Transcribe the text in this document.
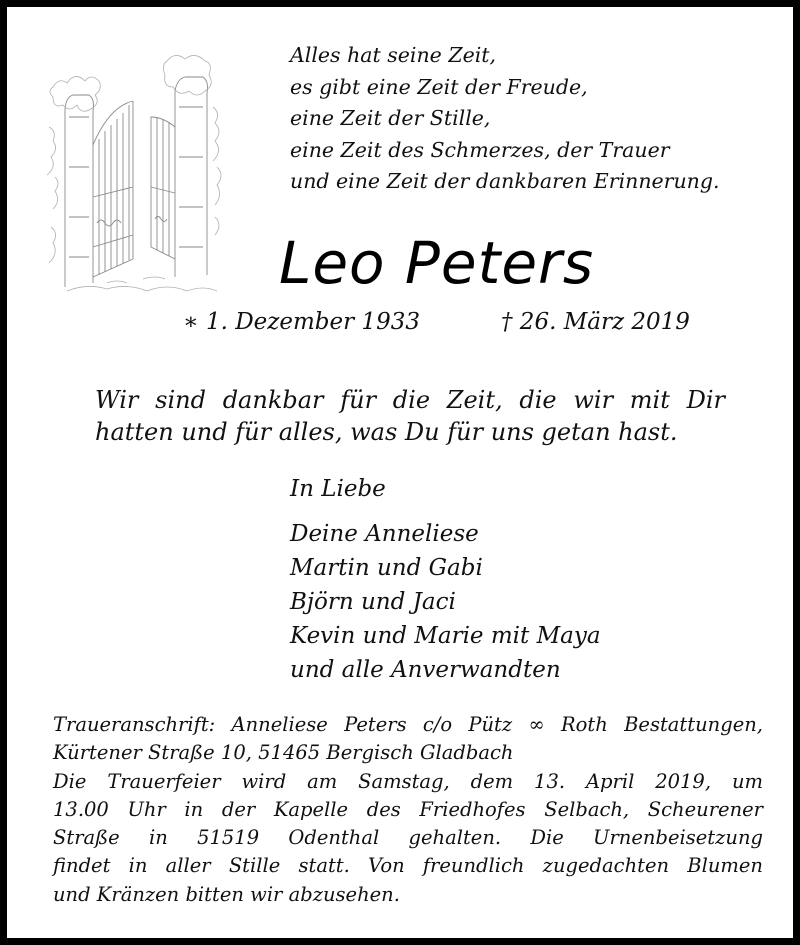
Alles hat seine Zeit,
es gibt eine Zeit der Freude,
eine Zeit der Stille,
eine Zeit des Schmerzes, der Trauer
und eine Zeit der dankbaren Erinnerung.
Leo Peters
∗ 1. Dezember 1933	† 26. März 2019
Wir sind dankbar für die Zeit, die wir mit Dir
hatten und für alles, was Du für uns getan hast.
In Liebe
Deine Anneliese
Martin und Gabi
Björn und Jaci
Kevin und Marie mit Maya
und alle Anverwandten
Traueranschrift: Anneliese Peters c/o Pütz ∞ Roth Bestattungen,
Kürtener Straße 10, 51465 Bergisch Gladbach
Die Trauerfeier wird am Samstag, dem 13. April 2019, um
13.00 Uhr in der Kapelle des Friedhofes Selbach, Scheurener
Straße in 51519 Odenthal gehalten. Die Urnenbeisetzung
findet in aller Stille statt. Von freundlich zugedachten Blumen
und Kränzen bitten wir abzusehen.
